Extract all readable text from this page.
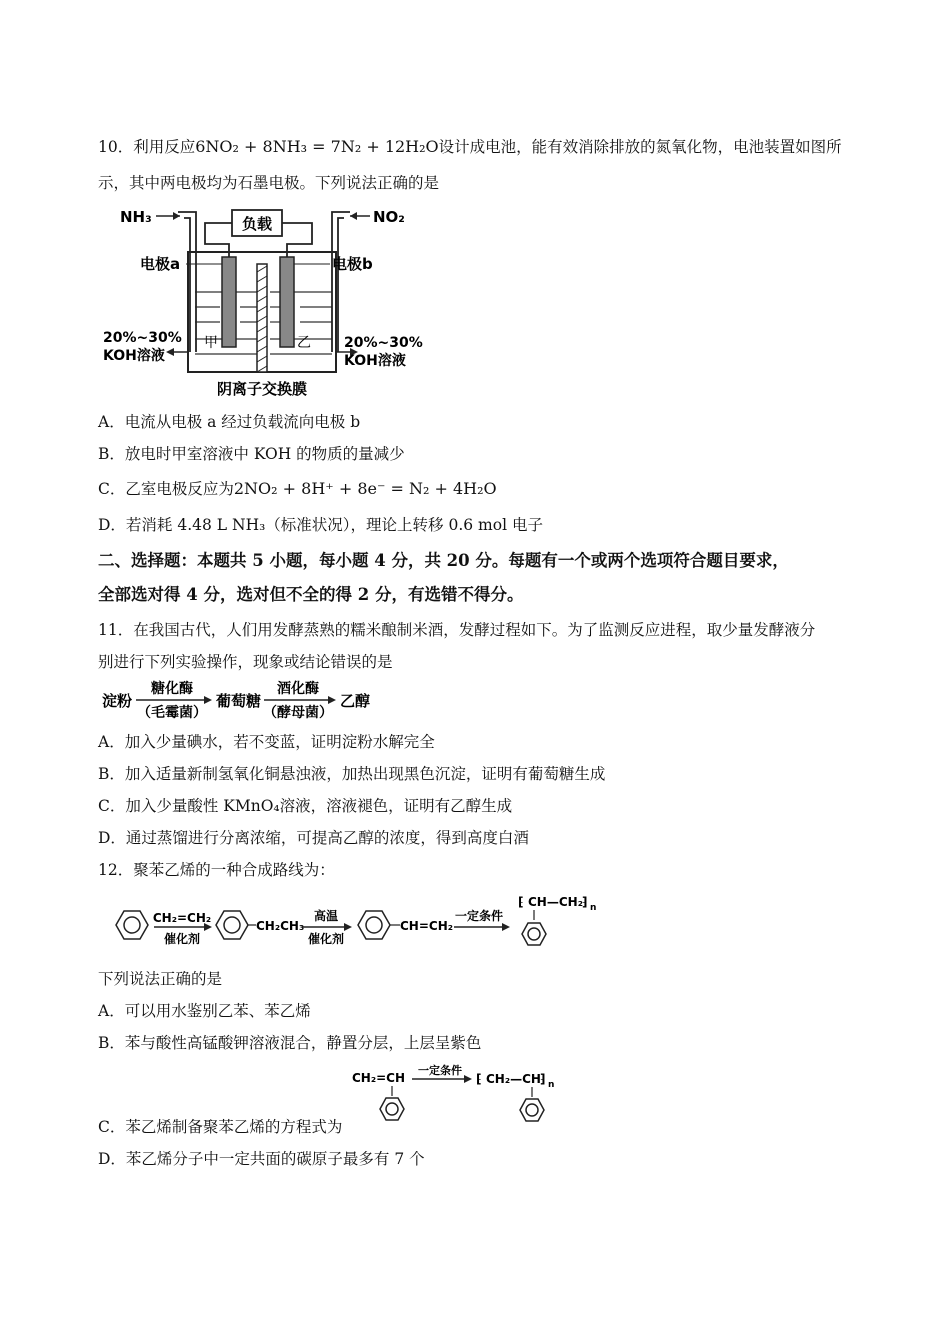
10．利用反应6NO₂ + 8NH₃ = 7N₂ + 12H₂O设计成电池，能有效消除排放的氮氧化物，电池装置如图所
示，其中两电极均为石墨电极。下列说法正确的是
负载
NH₃	NO₂
电极a	电极b
甲	乙
20%~30%
KOH溶液
20%~30%
KOH溶液
阴离子交换膜
A．电流从电极 a 经过负载流向电极 b
B．放电时甲室溶液中 KOH 的物质的量减少
C．乙室电极反应为2NO₂ + 8H⁺ + 8e⁻ = N₂ + 4H₂O
D．若消耗 4.48 L NH₃（标准状况），理论上转移 0.6 mol 电子
二、选择题：本题共 5 小题，每小题 4 分，共 20 分。每题有一个或两个选项符合题目要求，
全部选对得 4 分，选对但不全的得 2 分，有选错不得分。
11．在我国古代，人们用发酵蒸熟的糯米酿制米酒，发酵过程如下。为了监测反应进程，取少量发酵液分
别进行下列实验操作，现象或结论错误的是
淀粉
糖化酶
（毛霉菌）
葡萄糖
酒化酶
（酵母菌）
乙醇
A．加入少量碘水，若不变蓝，证明淀粉水解完全
B．加入适量新制氢氧化铜悬浊液，加热出现黑色沉淀，证明有葡萄糖生成
C．加入少量酸性 KMnO₄溶液，溶液褪色，证明有乙醇生成
D．通过蒸馏进行分离浓缩，可提高乙醇的浓度，得到高度白酒
12．聚苯乙烯的一种合成路线为：
CH₂=CH₂
催化剂
CH₂CH₃
高温
催化剂
CH=CH₂
一定条件
⁅ CH—CH₂ ⁆ n
下列说法正确的是
A．可以用水鉴别乙苯、苯乙烯
B．苯与酸性高锰酸钾溶液混合，静置分层，上层呈紫色
CH₂=CH
一定条件
⁅ CH₂—CH ⁆ n
C．苯乙烯制备聚苯乙烯的方程式为
D．苯乙烯分子中一定共面的碳原子最多有 7 个
